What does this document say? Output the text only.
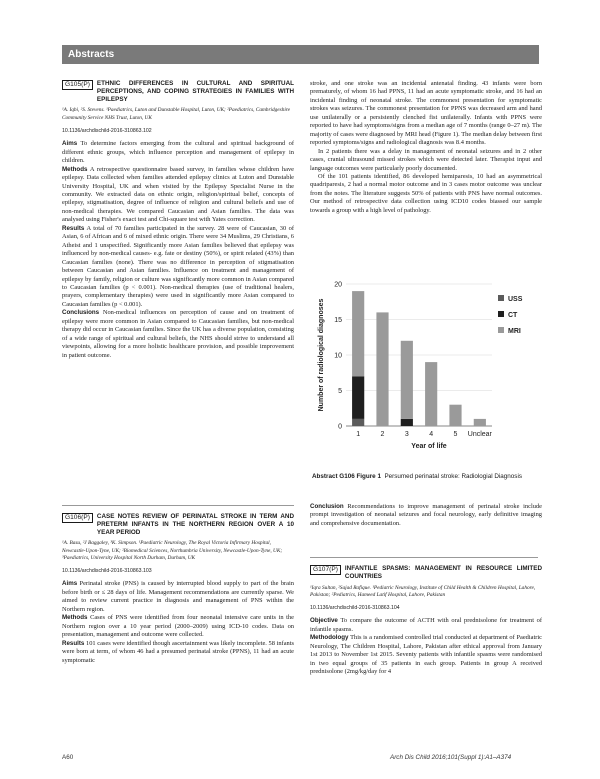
Abstracts
G105(P)	ETHNIC DIFFERENCES IN CULTURAL AND SPIRITUAL PERCEPTIONS, AND COPING STRATEGIES IN FAMILIES WITH EPILEPSY
¹A. Iqbi, ²S. Stevens. ¹Paediatrics, Luton and Dunstable Hospital, Luton, UK; ²Paediatrics, Cambridgeshire Community Service NHS Trust, Luton, UK
10.1136/archdischild-2016-310863.102

Aims To determine factors emerging from the cultural and spiritual background of different ethnic groups, which influence perception and management of epilepsy in children.

Methods A retrospective questionnaire based survey, in families whose children have epilepsy. Data collected when families attended epilepsy clinics at Luton and Dunstable University Hospital, UK and when visited by the Epilepsy Specialist Nurse in the community. We extracted data on ethnic origin, religion/spiritual belief, concepts of epilepsy, stigmatisation, degree of influence of religion and cultural beliefs and use of non-medical therapies. We compared Caucasian and Asian families. The data was analysed using Fisher's exact test and Chi-square test with Yates correction.

Results A total of 70 families participated in the survey. 28 were of Caucasian, 30 of Asian, 6 of African and 6 of mixed ethnic origin. There were 34 Muslims, 29 Christians, 6 Atheist and 1 unspecified. Significantly more Asian families believed that epilepsy was influenced by non-medical causes- e.g. fate or destiny (50%), or spirit related (43%) than Caucasian families (none). There was no difference in perception of stigmatisation between Caucasian and Asian families. Influence on treatment and management of epilepsy by family, religion or culture was significantly more common in Asian compared to Caucasian families (p < 0.001). Non-medical therapies (use of traditional healers, prayers, complementary therapies) were used in significantly more Asian compared to Caucasian families (p < 0.001).

Conclusions Non-medical influences on perception of cause and on treatment of epilepsy were more common in Asian compared to Caucasian families, but non-medical therapy did occur in Caucasian families. Since the UK has a diverse population, consisting of a wide range of spiritual and cultural beliefs, the NHS should strive to understand all viewpoints, allowing for a more holistic healthcare provision, and possible improvement in patient outcome.

G106(P)	CASE NOTES REVIEW OF PERINATAL STROKE IN TERM AND PRETERM INFANTS IN THE NORTHERN REGION OVER A 10 YEAR PERIOD
¹A. Basu, ²J Baggaley, ³K. Simpson. ¹Paediatric Neurology, The Royal Victoria Infirmary Hospital, Newcastle-Upon-Tyne, UK; ²Biomedical Sciences, Northumbria University, Newcastle-Upon-Tyne, UK; ³Paediatrics, University Hospital North Durham, Durham, UK
10.1136/archdischild-2016-310863.103

Aims Perinatal stroke (PNS) is caused by interrupted blood supply to part of the brain before birth or ≤ 28 days of life. Management recommendations are currently sparse. We aimed to review current practice in diagnosis and management of PNS within the Northern region.

Methods Cases of PNS were identified from four neonatal intensive care units in the Northern region over a 10 year period (2000–2009) using ICD-10 codes. Data on presentation, management and outcome were collected.

Results 101 cases were identified though ascertainment was likely incomplete. 58 infants were born at term, of whom 46 had a presumed perinatal stroke (PPNS), 11 had an acute symptomatic

stroke, and one stroke was an incidental antenatal finding. 43 infants were born prematurely, of whom 16 had PPNS, 11 had an acute symptomatic stroke, and 16 had an incidental finding of neonatal stroke. The commonest presentation for symptomatic strokes was seizures. The commonest presentation for PPNS was decreased arm and hand use unilaterally or a persistently clenched fist unilaterally. Infants with PPNS were reported to have had symptoms/signs from a median age of 7 months (range 0–27 m). The majority of cases were diagnosed by MRI head (Figure 1). The median delay between first reported symptoms/signs and radiological diagnosis was 8.4 months.

In 2 patients there was a delay in management of neonatal seizures and in 2 other cases, cranial ultrasound missed strokes which were detected later. Therapist input and language outcomes were particularly poorly documented.

Of the 101 patients identified, 86 developed hemiparesis, 10 had an asymmetrical quadriparesis, 2 had a normal motor outcome and in 3 cases motor outcome was unclear from the notes. The literature suggests 50% of patients with PNS have normal outcomes. Our method of retrospective data collection using ICD10 codes biassed our sample towards a group with a high level of pathology.

0
5
10
15
20
1	2	3	4	5 Unclear
Year of life
Number of radiological diagnoses	USS
CT
MRI
Abstract G106 Figure 1 Persumed perinatal stroke: Radiologial Diagnosis

Conclusion Recommendations to improve management of perinatal stroke include prompt investigation of neonatal seizures and focal neurology, early definitive imaging and comprehensive documentation.

G107(P)	INFANTILE SPASMS: MANAGEMENT IN RESOURCE LIMITED COUNTRIES
¹Iqra Sultan, ²Sajad Rafique. ¹Pediatric Neurology, Institute of Child Health & Children Hospital, Lahore, Pakistan; ²Pediatrics, Hameed Latif Hospital, Lahore, Pakistan
10.1136/archdischild-2016-310863.104

Objective To compare the outcome of ACTH with oral prednisolone for treatment of infantile spasms.

Methodology This is a randomised controlled trial conducted at department of Paediatric Neurology, The Children Hospital, Lahore, Pakistan after ethical approval from January 1st 2013 to November 1st 2015. Seventy patients with infantile spasms were randomised in two equal groups of 35 patients in each group. Patients in group A received prednisolone (2mg/kg/day for 4

A60	Arch Dis Child 2016;101(Suppl 1):A1–A374
